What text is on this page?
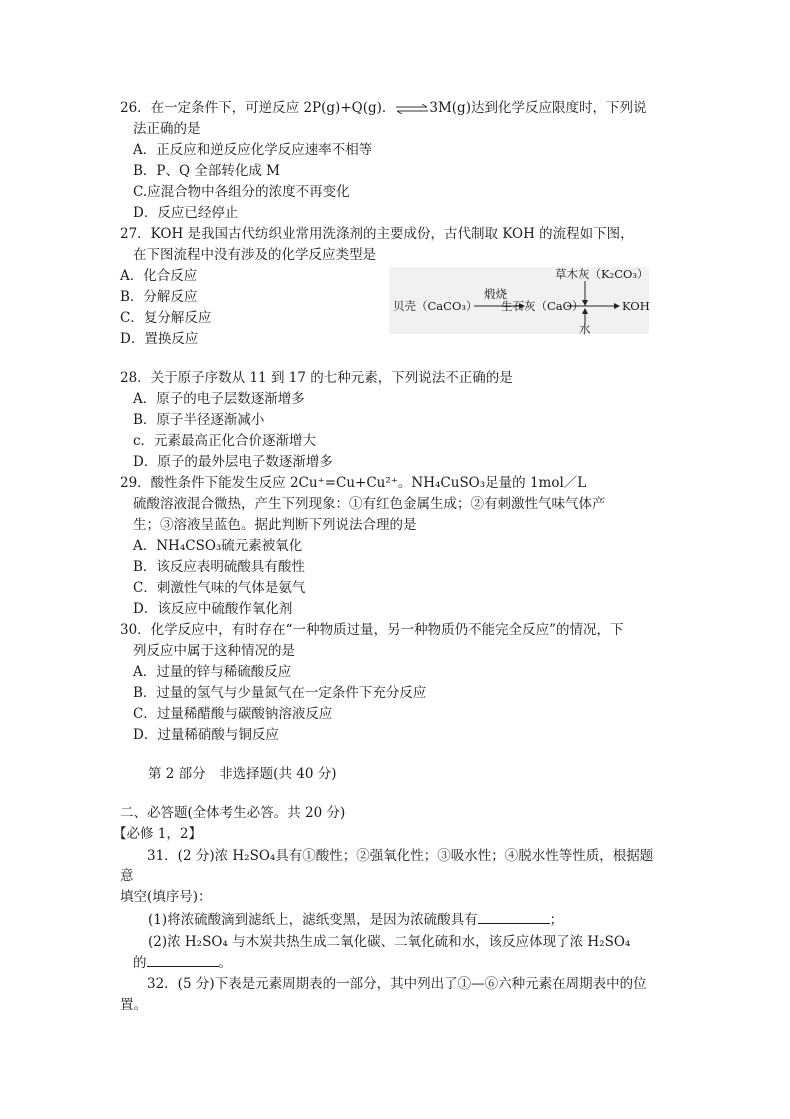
26．在一定条件下，可逆反应 2P(g)+Q(g)．⇌3M(g)达到化学反应限度时，下列说
法正确的是
A．正反应和逆反应化学反应速率不相等
B．P、Q 全部转化成 M
C.应混合物中各组分的浓度不再变化
D．反应已经停止
27．KOH 是我国古代纺织业常用洗涤剂的主要成份，古代制取 KOH 的流程如下图，
在下图流程中没有涉及的化学反应类型是
A．化合反应
B．分解反应
C．复分解反应
D．置换反应
贝壳（CaCO₃）
煅烧
生石灰（CaO）	KOH
草木灰（K₂CO₃）
水
28．关于原子序数从 11 到 17 的七种元素，下列说法不正确的是
A．原子的电子层数逐渐增多
B．原子半径逐渐减小
c．元素最高正化合价逐渐增大
D．原子的最外层电子数逐渐增多
29．酸性条件下能发生反应 2Cu⁺=Cu+Cu²⁺。NH₄CuSO₃足量的 1mol／L
硫酸溶液混合微热，产生下列现象：①有红色金属生成；②有刺激性气味气体产
生；③溶液呈蓝色。据此判断下列说法合理的是
A．NH₄CSO₃硫元素被氧化
B．该反应表明硫酸具有酸性
C．刺激性气味的气体是氨气
D．该反应中硫酸作氧化剂
30．化学反应中，有时存在“一种物质过量，另一种物质仍不能完全反应”的情况，下
列反应中属于这种情况的是
A．过量的锌与稀硫酸反应
B．过量的氢气与少量氮气在一定条件下充分反应
C．过量稀醋酸与碳酸钠溶液反应
D．过量稀硝酸与铜反应
第 2 部分　非选择题(共 40 分)
二、必答题(全体考生必答。共 20 分)
【必修 1，2】
31．(2 分)浓 H₂SO₄具有①酸性；②强氧化性；③吸水性；④脱水性等性质，根据题
意
填空(填序号)：
(1)将浓硫酸滴到滤纸上，滤纸变黑，是因为浓硫酸具有	；
(2)浓 H₂SO₄ 与木炭共热生成二氧化碳、二氧化硫和水，该反应体现了浓 H₂SO₄
的	。
32．(5 分)下表是元素周期表的一部分，其中列出了①—⑥六种元素在周期表中的位
置。
